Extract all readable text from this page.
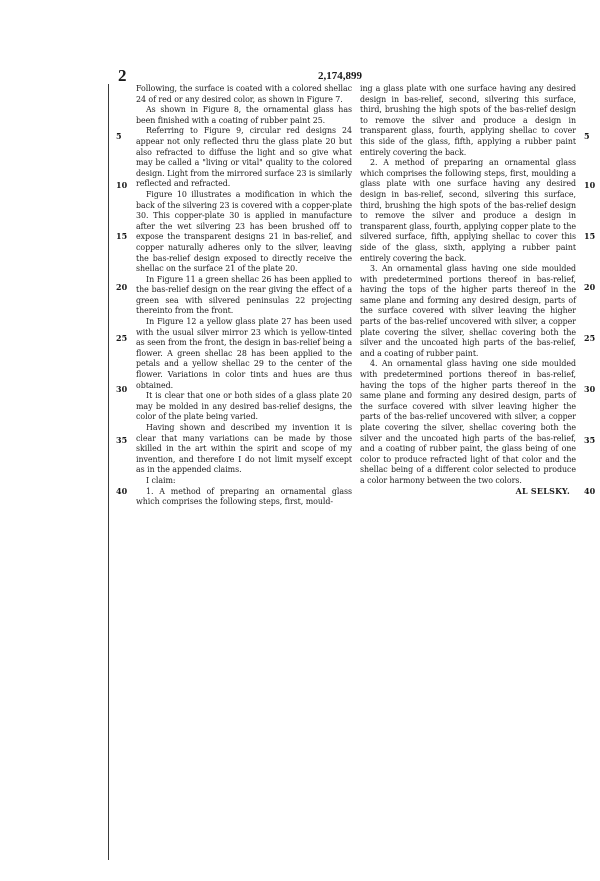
2	2,174,899
5
10
15
20
25
30
35
40
5
10
15
20
25
30
35
40

Following, the surface is coated with a colored shellac 24 of red or any desired color, as shown in Figure 7.

As shown in Figure 8, the ornamental glass has been finished with a coating of rubber paint 25.

Referring to Figure 9, circular red designs 24 appear not only reflected thru the glass plate 20 but also refracted to diffuse the light and so give what may be called a "living or vital" quality to the colored design. Light from the mirrored surface 23 is similarly reflected and refracted.

Figure 10 illustrates a modification in which the back of the silvering 23 is covered with a copper-plate 30. This copper-plate 30 is applied in manufacture after the wet silvering 23 has been brushed off to expose the transparent designs 21 in bas-relief, and copper naturally adheres only to the silver, leaving the bas-relief design exposed to directly receive the shellac on the surface 21 of the plate 20.

In Figure 11 a green shellac 26 has been applied to the bas-relief design on the rear giving the effect of a green sea with silvered peninsulas 22 projecting thereinto from the front.

In Figure 12 a yellow glass plate 27 has been used with the usual silver mirror 23 which is yellow-tinted as seen from the front, the design in bas-relief being a flower. A green shellac 28 has been applied to the petals and a yellow shellac 29 to the center of the flower. Variations in color tints and hues are thus obtained.

It is clear that one or both sides of a glass plate 20 may be molded in any desired bas-relief designs, the color of the plate being varied.

Having shown and described my invention it is clear that many variations can be made by those skilled in the art within the spirit and scope of my invention, and therefore I do not limit myself except as in the appended claims.

I claim:

1. A method of preparing an ornamental glass which comprises the following steps, first, mould-

ing a glass plate with one surface having any desired design in bas-relief, second, silvering this surface, third, brushing the high spots of the bas-relief design to remove the silver and produce a design in transparent glass, fourth, applying shellac to cover this side of the glass, fifth, applying a rubber paint entirely covering the back.

2. A method of preparing an ornamental glass which comprises the following steps, first, moulding a glass plate with one surface having any desired design in bas-relief, second, silvering this surface, third, brushing the high spots of the bas-relief design to remove the silver and produce a design in transparent glass, fourth, applying copper plate to the silvered surface, fifth, applying shellac to cover this side of the glass, sixth, applying a rubber paint entirely covering the back.

3. An ornamental glass having one side moulded with predetermined portions thereof in bas-relief, having the tops of the higher parts thereof in the same plane and forming any desired design, parts of the surface covered with silver leaving the higher parts of the bas-relief uncovered with silver, a copper plate covering the silver, shellac covering both the silver and the uncoated high parts of the bas-relief, and a coating of rubber paint.

4. An ornamental glass having one side moulded with predetermined portions thereof in bas-relief, having the tops of the higher parts thereof in the same plane and forming any desired design, parts of the surface covered with silver leaving higher the parts of the bas-relief uncovered with silver, a copper plate covering the silver, shellac covering both the silver and the uncoated high parts of the bas-relief, and a coating of rubber paint, the glass being of one color to produce refracted light of that color and the shellac being of a different color selected to produce a color harmony between the two colors.

AL SELSKY.
